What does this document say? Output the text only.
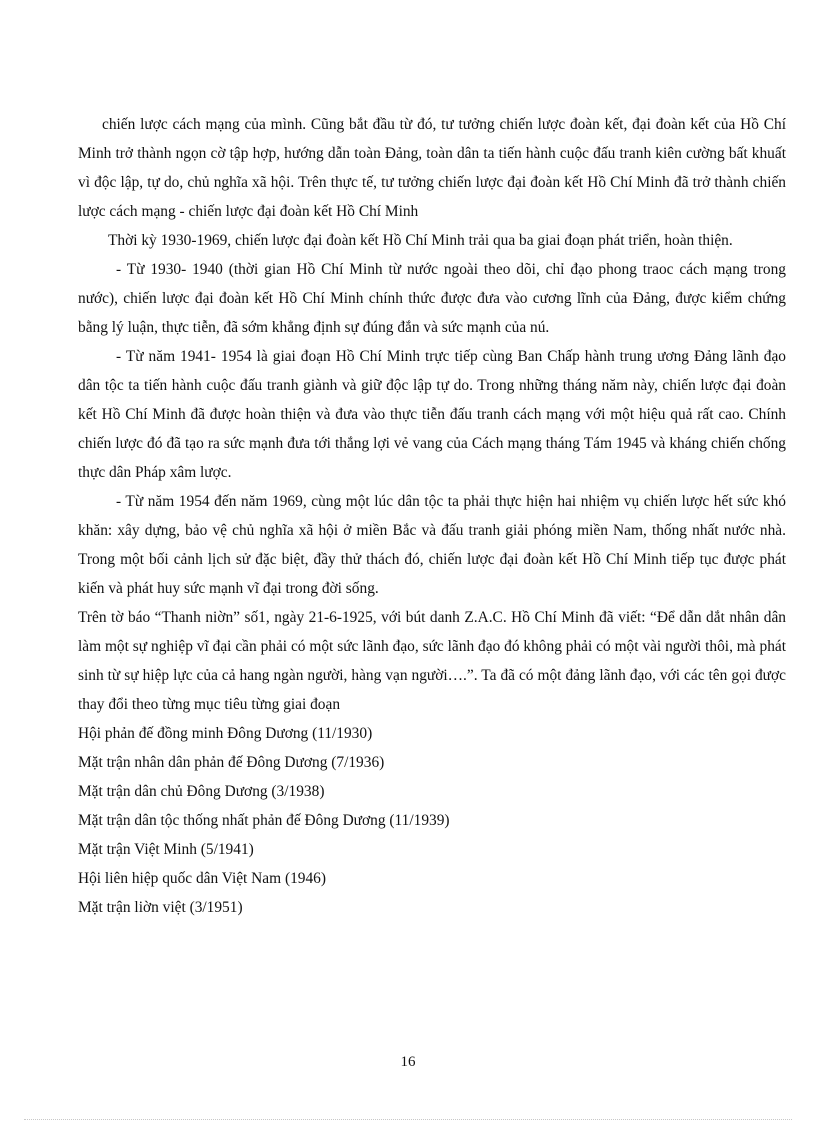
chiến lược cách mạng của mình. Cũng bắt đầu từ đó, tư tưởng chiến lược đoàn kết, đại đoàn kết của Hồ Chí Minh trở thành ngọn cờ tập hợp, hướng dẫn toàn Đảng, toàn dân ta tiến hành cuộc đấu tranh kiên cường bất khuất vì độc lập, tự do, chủ nghĩa xã hội. Trên thực tế, tư tưởng chiến lược đại đoàn kết Hồ Chí Minh đã trở thành chiến lược cách mạng - chiến lược đại đoàn kết Hồ Chí Minh

Thời kỳ 1930-1969, chiến lược đại đoàn kết Hồ Chí Minh trải qua ba giai đoạn phát triển, hoàn thiện.

- Từ 1930- 1940 (thời gian Hồ Chí Minh từ nước ngoài theo dõi, chỉ đạo phong traoc cách mạng trong nước), chiến lược đại đoàn kết Hồ Chí Minh chính thức được đưa vào cương lĩnh của Đảng, được kiểm chứng bằng lý luận, thực tiễn, đã sớm khẳng định sự đúng đắn và sức mạnh của nú.

- Từ năm 1941- 1954 là giai đoạn Hồ Chí Minh trực tiếp cùng Ban Chấp hành trung ương Đảng lãnh đạo dân tộc ta tiến hành cuộc đấu tranh giành và giữ độc lập tự do. Trong những tháng năm này, chiến lược đại đoàn kết Hồ Chí Minh đã được hoàn thiện và đưa vào thực tiễn đấu tranh cách mạng với một hiệu quả rất cao. Chính chiến lược đó đã tạo ra sức mạnh đưa tới thắng lợi vẻ vang của Cách mạng tháng Tám 1945 và kháng chiến chống thực dân Pháp xâm lược.

- Từ năm 1954 đến năm 1969, cùng một lúc dân tộc ta phải thực hiện hai nhiệm vụ chiến lược hết sức khó khăn: xây dựng, bảo vệ chủ nghĩa xã hội ở miền Bắc và đấu tranh giải phóng miền Nam, thống nhất nước nhà. Trong một bối cảnh lịch sử đặc biệt, đầy thử thách đó, chiến lược đại đoàn kết Hồ Chí Minh tiếp tục được phát kiến và phát huy sức mạnh vĩ đại trong đời sống.

Trên tờ báo “Thanh niờn” số1, ngày 21-6-1925, với bút danh Z.A.C. Hồ Chí Minh đã viết: “Để dẫn dắt nhân dân làm một sự nghiệp vĩ đại cần phải có một sức lãnh đạo, sức lãnh đạo đó không phải có một vài người thôi, mà phát sinh từ sự hiệp lực của cả hang ngàn người, hàng vạn người….”. Ta đã có một đảng lãnh đạo, với các tên gọi được thay đổi theo từng mục tiêu từng giai đoạn

Hội phản đế đồng minh Đông Dương (11/1930)

Mặt trận nhân dân phản đế Đông Dương (7/1936)

Mặt trận dân chủ Đông Dương (3/1938)

Mặt trận dân tộc thống nhất phản đế Đông Dương (11/1939)

Mặt trận Việt Minh (5/1941)

Hội liên hiệp quốc dân Việt Nam (1946)

Mặt trận liờn việt (3/1951)

16
